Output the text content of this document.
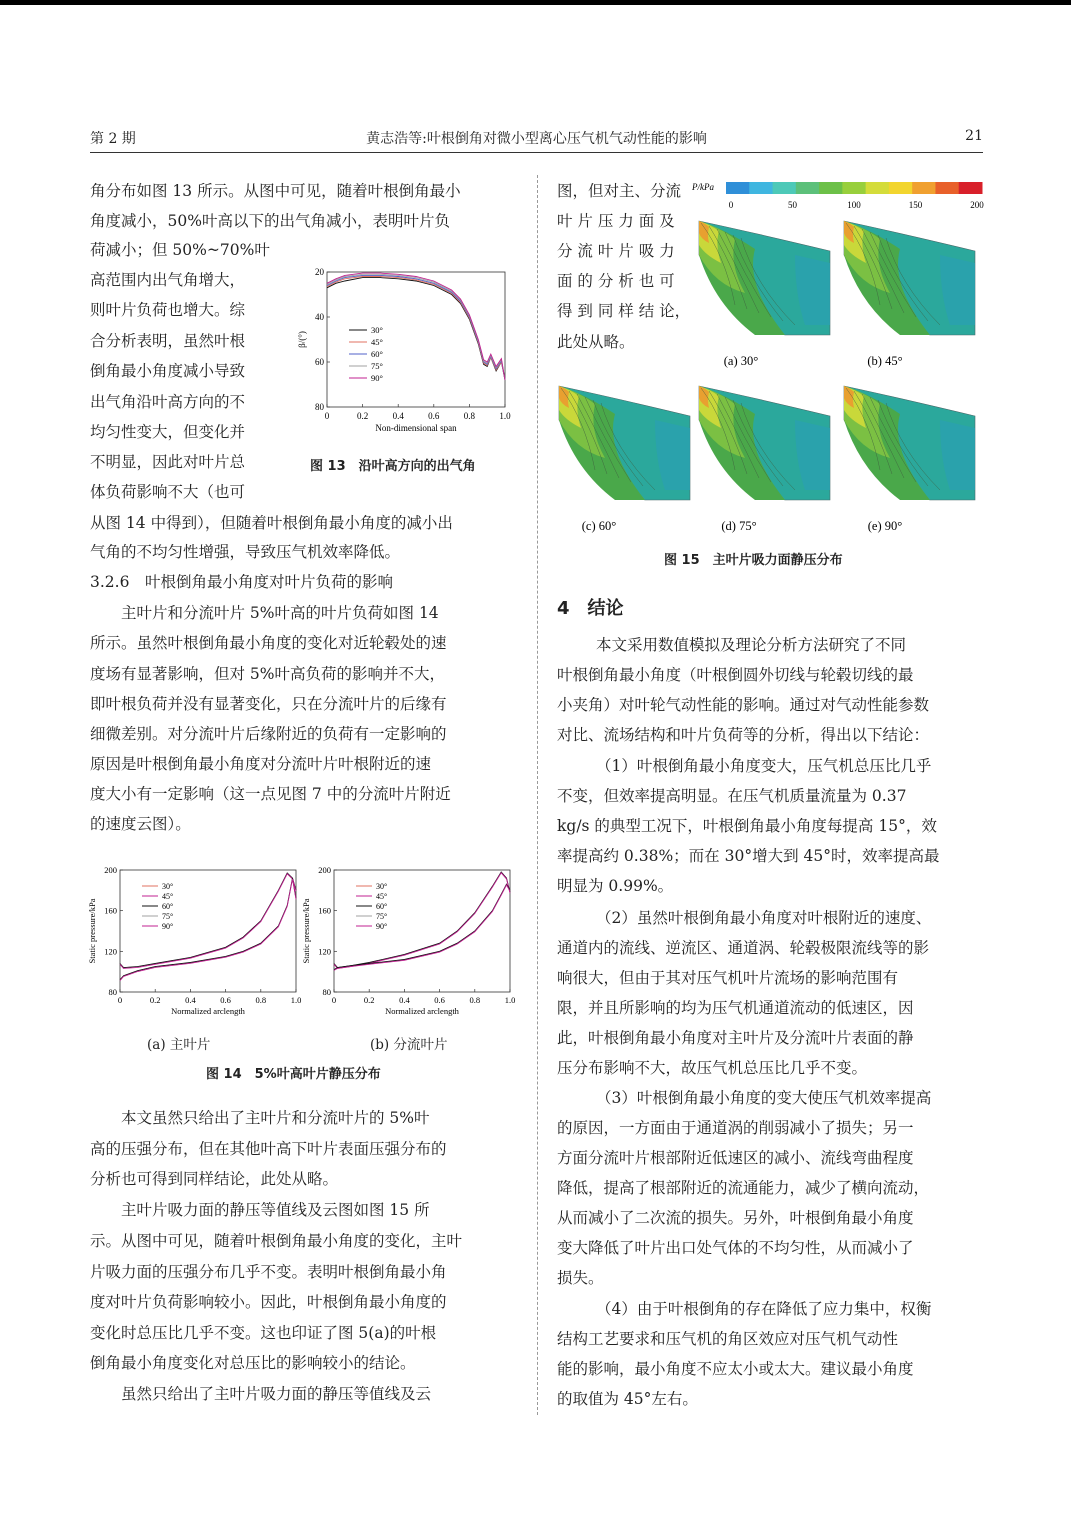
第 2 期	黄志浩等:叶根倒角对微小型离心压气机气动性能的影响	21
角分布如图 13 所示。从图中可见，随着叶根倒角最小
角度减小，50%叶高以下的出气角减小，表明叶片负
荷减小；但 50%~70%叶
高范围内出气角增大，
则叶片负荷也增大。综
合分析表明，虽然叶根
倒角最小角度减小导致
出气角沿叶高方向的不
均匀性变大，但变化并
不明显，因此对叶片总
体负荷影响不大（也可
从图 14 中得到），但随着叶根倒角最小角度的减小出
气角的不均匀性增强，导致压气机效率降低。
3.2.6　叶根倒角最小角度对叶片负荷的影响
主叶片和分流叶片 5%叶高的叶片负荷如图 14
所示。虽然叶根倒角最小角度的变化对近轮毂处的速
度场有显著影响，但对 5%叶高负荷的影响并不大，
即叶根负荷并没有显著变化，只在分流叶片的后缘有
细微差别。对分流叶片后缘附近的负荷有一定影响的
原因是叶根倒角最小角度对分流叶片叶根附近的速
度大小有一定影响（这一点见图 7 中的分流叶片附近
的速度云图）。
本文虽然只给出了主叶片和分流叶片的 5%叶
高的压强分布，但在其他叶高下叶片表面压强分布的
分析也可得到同样结论，此处从略。
主叶片吸力面的静压等值线及云图如图 15 所
示。从图中可见，随着叶根倒角最小角度的变化，主叶
片吸力面的压强分布几乎不变。表明叶根倒角最小角
度对叶片负荷影响较小。因此，叶根倒角最小角度的
变化时总压比几乎不变。这也印证了图 5(a)的叶根
倒角最小角度变化对总压比的影响较小的结论。
虽然只给出了主叶片吸力面的静压等值线及云
0	0.2	0.4	0.6	0.8	1.0
20
40
60
80
Non-dimensional span
β/(°)
30°
45°
60°
75°
90°
图 13　沿叶高方向的出气角
0	0.2	0.4	0.6	0.8	1.0
80
120
160
200
Normalized arclength
Static pressure/kPa
30°
45°
60°
75°
90°
0	0.2	0.4	0.6	0.8	1.0
80
120
160
200
Normalized arclength
Static pressure/kPa
30°
45°
60°
75°
90°
(a) 主叶片	(b) 分流叶片
图 14　5%叶高叶片静压分布
图，但对主、分流
叶 片 压 力 面 及
分 流 叶 片 吸 力
面 的 分 析 也 可
得 到 同 样 结 论，
此处从略。
4　结论
本文采用数值模拟及理论分析方法研究了不同
叶根倒角最小角度（叶根倒圆外切线与轮毂切线的最
小夹角）对叶轮气动性能的影响。通过对气动性能参数
对比、流场结构和叶片负荷等的分析，得出以下结论：
（1）叶根倒角最小角度变大，压气机总压比几乎
不变，但效率提高明显。在压气机质量流量为 0.37
kg/s 的典型工况下，叶根倒角最小角度每提高 15°，效
率提高约 0.38%；而在 30°增大到 45°时，效率提高最
明显为 0.99%。
（2）虽然叶根倒角最小角度对叶根附近的速度、
通道内的流线、逆流区、通道涡、轮毂极限流线等的影
响很大，但由于其对压气机叶片流场的影响范围有
限，并且所影响的均为压气机通道流动的低速区，因
此，叶根倒角最小角度对主叶片及分流叶片表面的静
压分布影响不大，故压气机总压比几乎不变。
（3）叶根倒角最小角度的变大使压气机效率提高
的原因，一方面由于通道涡的削弱减小了损失；另一
方面分流叶片根部附近低速区的减小、流线弯曲程度
降低，提高了根部附近的流通能力，减少了横向流动，
从而减小了二次流的损失。另外，叶根倒角最小角度
变大降低了叶片出口处气体的不均匀性，从而减小了
损失。
（4）由于叶根倒角的存在降低了应力集中，权衡
结构工艺要求和压气机的角区效应对压气机气动性
能的影响，最小角度不应太小或太大。建议最小角度
的取值为 45°左右。
P/kPa
0	50	100	150	200
(a) 30°	(b) 45°
(c) 60°	(d) 75°	(e) 90°
图 15　主叶片吸力面静压分布
